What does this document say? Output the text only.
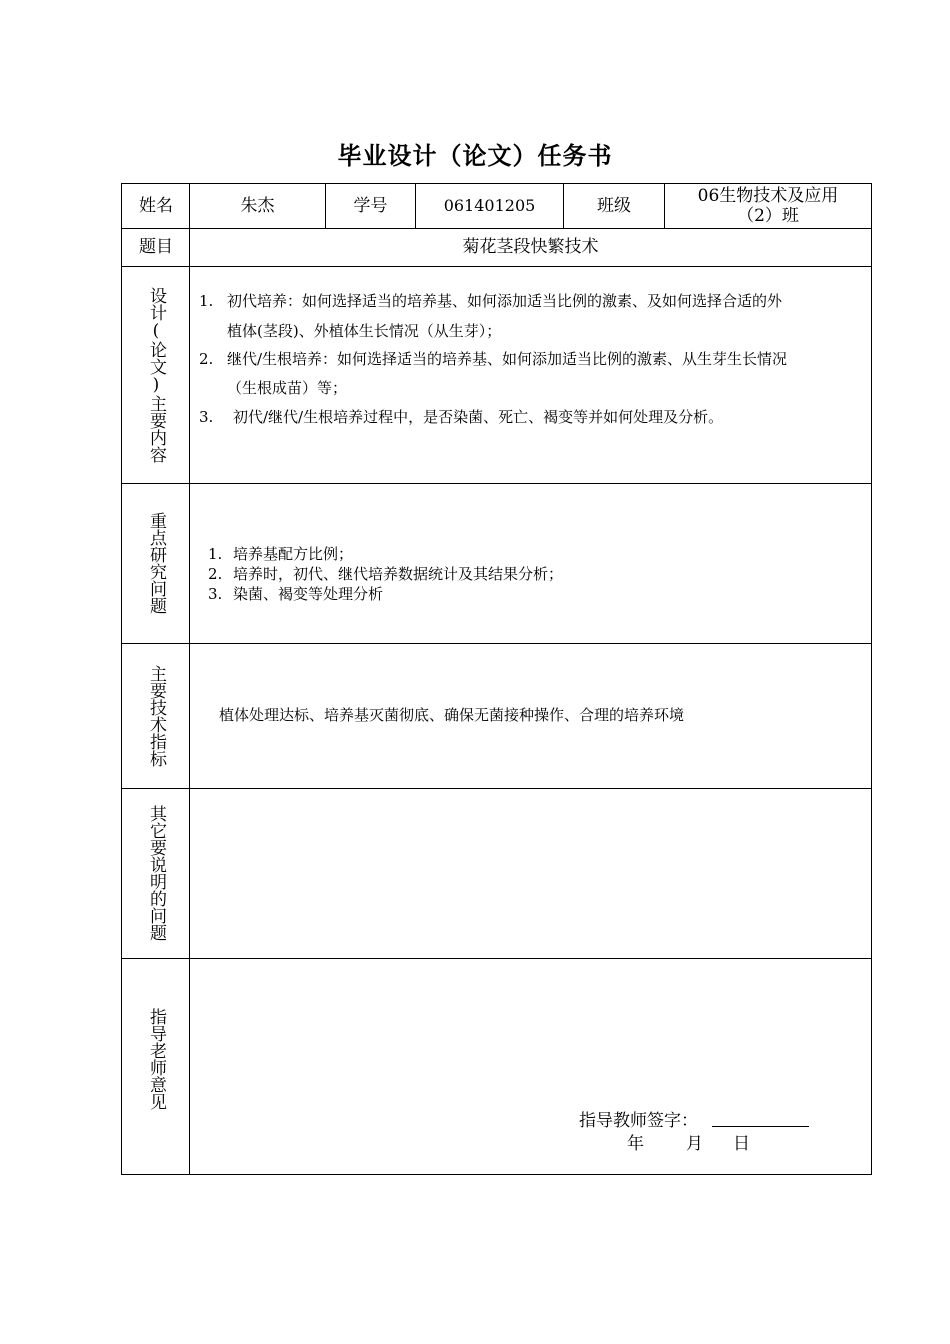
毕业设计（论文）任务书
姓名	朱杰	学号	061401205	班级	06生物技术及应用
（2）班
题目	菊花茎段快繁技术
设计(论文)主要内容 1. 初代培养：如何选择适当的培养基、如何添加适当比例的激素、及如何选择合适的外
植体(茎段)、外植体生长情况（从生芽）；
2. 继代/生根培养：如何选择适当的培养基、如何添加适当比例的激素、从生芽生长情况
（生根成苗）等；
3. 初代/继代/生根培养过程中，是否染菌、死亡、褐变等并如何处理及分析。
重点研究问题	1. 培养基配方比例；
2. 培养时，初代、继代培养数据统计及其结果分析；
3. 染菌、褐变等处理分析
主要技术指标	植体处理达标、培养基灭菌彻底、确保无菌接种操作、合理的培养环境
其它要说明的问题
指导老师意见
指导教师签字：
年 月 日
